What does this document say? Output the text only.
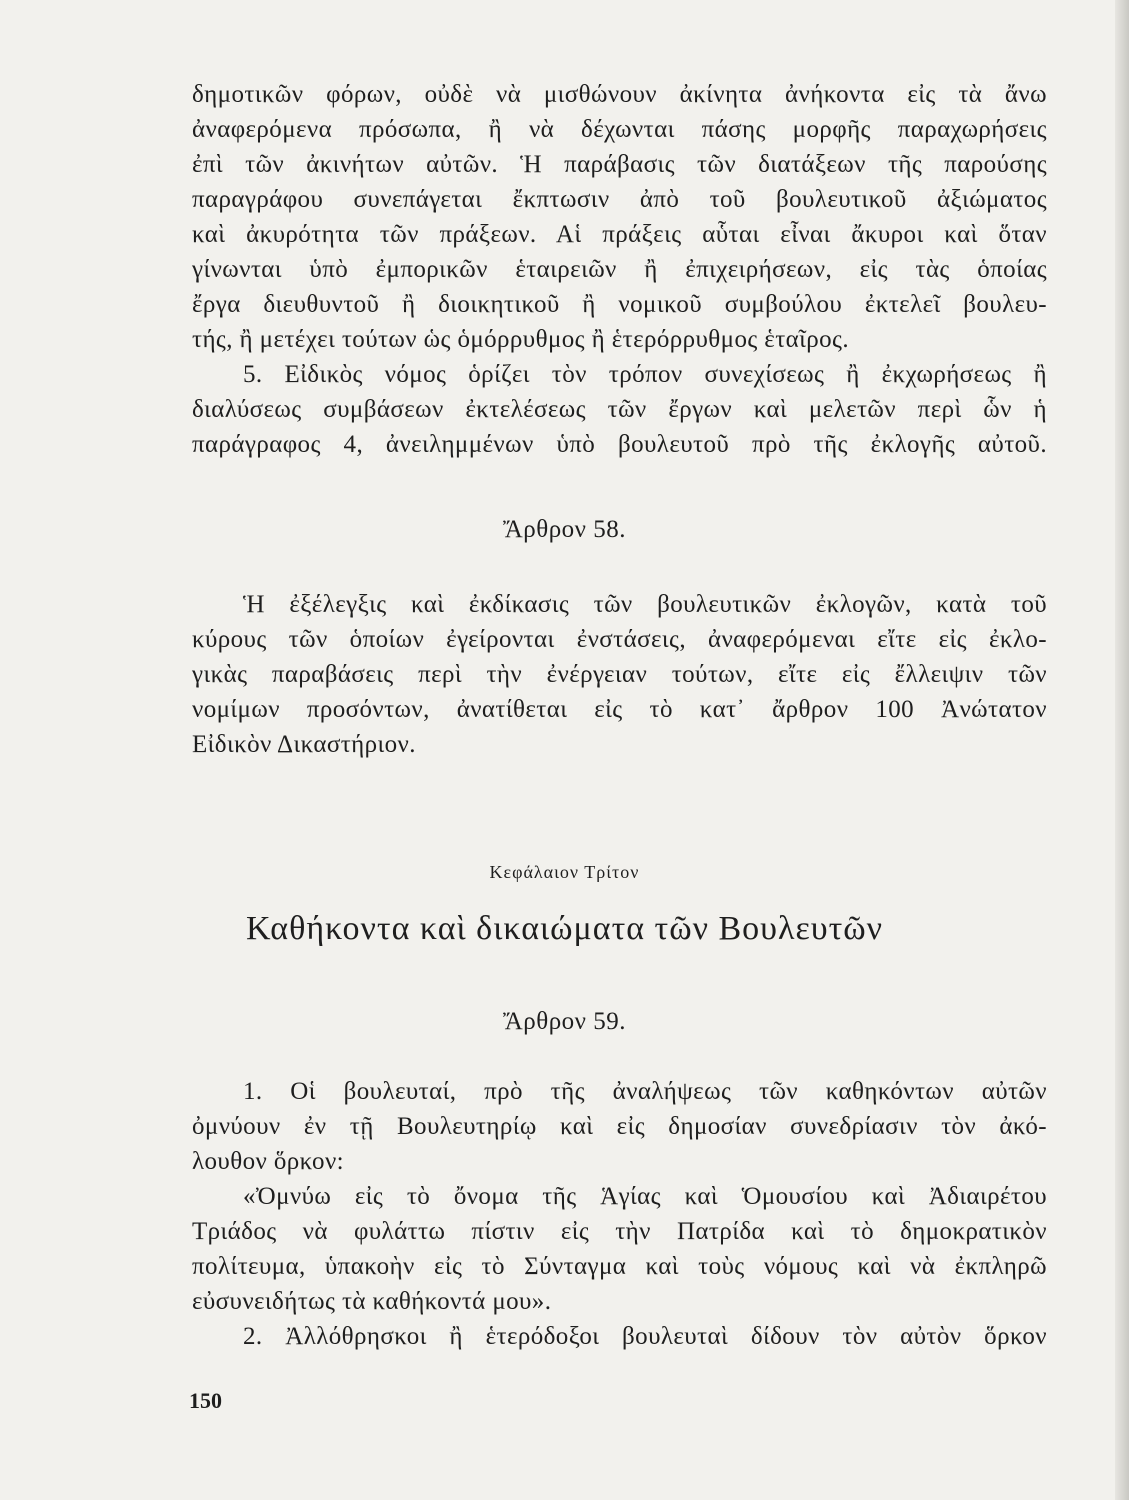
δημοτικῶν φόρων, οὐδὲ νὰ μισθώνουν ἀκίνητα ἀνήκοντα εἰς τὰ ἄνω
ἀναφερόμενα πρόσωπα, ἢ νὰ δέχωνται πάσης μορφῆς παραχωρήσεις
ἐπὶ τῶν ἀκινήτων αὐτῶν. Ἡ παράβασις τῶν διατάξεων τῆς παρούσης
παραγράφου συνεπάγεται ἔκπτωσιν ἀπὸ τοῦ βουλευτικοῦ ἀξιώματος
καὶ ἀκυρότητα τῶν πράξεων. Αἱ πράξεις αὗται εἶναι ἄκυροι καὶ ὅταν
γίνωνται ὑπὸ ἐμπορικῶν ἑταιρειῶν ἢ ἐπιχειρήσεων, εἰς τὰς ὁποίας
ἔργα διευθυντοῦ ἢ διοικητικοῦ ἢ νομικοῦ συμβούλου ἐκτελεῖ βουλευ-
τής, ἢ μετέχει τούτων ὡς ὁμόρρυθμος ἢ ἑτερόρρυθμος ἑταῖρος.
5. Εἰδικὸς νόμος ὁρίζει τὸν τρόπον συνεχίσεως ἢ ἐκχωρήσεως ἢ
διαλύσεως συμβάσεων ἐκτελέσεως τῶν ἔργων καὶ μελετῶν περὶ ὧν ἡ
παράγραφος 4, ἀνειλημμένων ὑπὸ βουλευτοῦ πρὸ τῆς ἐκλογῆς αὐτοῦ.
Ἄρθρον 58.
Ἡ ἐξέλεγξις καὶ ἐκδίκασις τῶν βουλευτικῶν ἐκλογῶν, κατὰ τοῦ
κύρους τῶν ὁποίων ἐγείρονται ἐνστάσεις, ἀναφερόμεναι εἴτε εἰς ἐκλο-
γικὰς παραβάσεις περὶ τὴν ἐνέργειαν τούτων, εἴτε εἰς ἔλλειψιν τῶν
νομίμων προσόντων, ἀνατίθεται εἰς τὸ κατ᾿ ἄρθρον 100 Ἀνώτατον
Εἰδικὸν Δικαστήριον.
Κεφάλαιον Τρίτον
Καθήκοντα καὶ δικαιώματα τῶν Βουλευτῶν
Ἄρθρον 59.
1. Οἱ βουλευταί, πρὸ τῆς ἀναλήψεως τῶν καθηκόντων αὐτῶν
ὀμνύουν ἐν τῇ Βουλευτηρίῳ καὶ εἰς δημοσίαν συνεδρίασιν τὸν ἀκό-
λουθον ὅρκον:
«Ὀμνύω εἰς τὸ ὄνομα τῆς Ἁγίας καὶ Ὁμουσίου καὶ Ἀδιαιρέτου
Τριάδος νὰ φυλάττω πίστιν εἰς τὴν Πατρίδα καὶ τὸ δημοκρατικὸν
πολίτευμα, ὑπακοὴν εἰς τὸ Σύνταγμα καὶ τοὺς νόμους καὶ νὰ ἐκπληρῶ
εὐσυνειδήτως τὰ καθήκοντά μου».
2. Ἀλλόθρησκοι ἢ ἑτερόδοξοι βουλευταὶ δίδουν τὸν αὐτὸν ὅρκον
150
